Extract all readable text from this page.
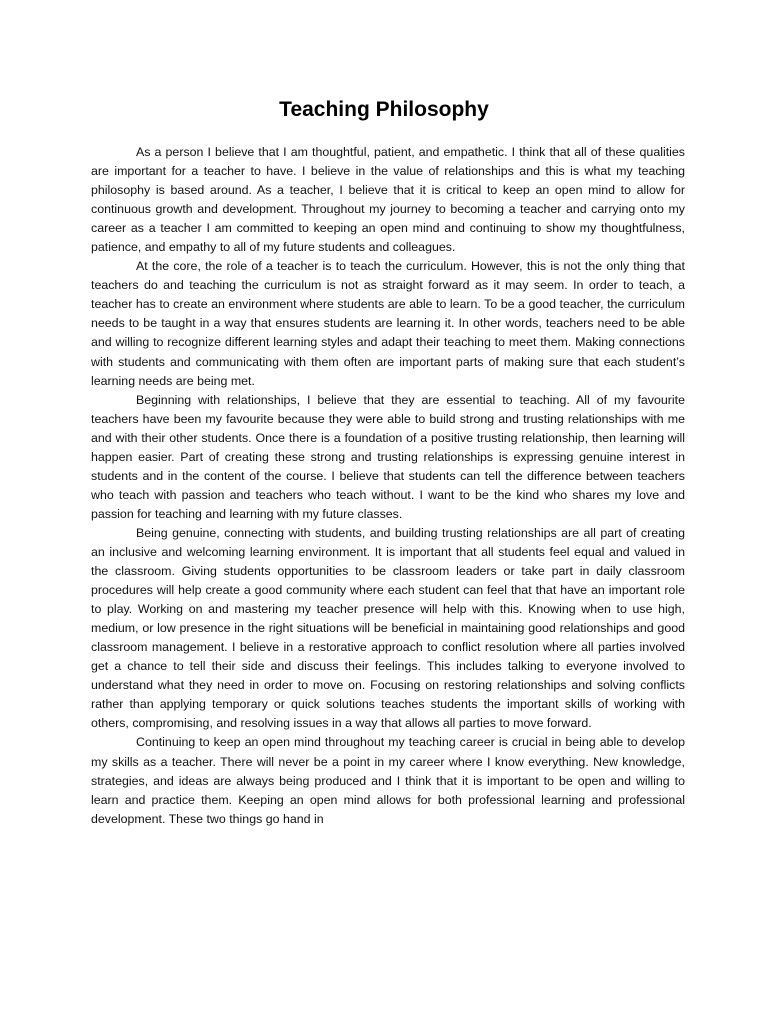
Teaching Philosophy

As a person I believe that I am thoughtful, patient, and empathetic. I think that all of these qualities are important for a teacher to have. I believe in the value of relationships and this is what my teaching philosophy is based around. As a teacher, I believe that it is critical to keep an open mind to allow for continuous growth and development. Throughout my journey to becoming a teacher and carrying onto my career as a teacher I am committed to keeping an open mind and continuing to show my thoughtfulness, patience, and empathy to all of my future students and colleagues.

At the core, the role of a teacher is to teach the curriculum. However, this is not the only thing that teachers do and teaching the curriculum is not as straight forward as it may seem. In order to teach, a teacher has to create an environment where students are able to learn. To be a good teacher, the curriculum needs to be taught in a way that ensures students are learning it. In other words, teachers need to be able and willing to recognize different learning styles and adapt their teaching to meet them. Making connections with students and communicating with them often are important parts of making sure that each student’s learning needs are being met.

Beginning with relationships, I believe that they are essential to teaching. All of my favourite teachers have been my favourite because they were able to build strong and trusting relationships with me and with their other students. Once there is a foundation of a positive trusting relationship, then learning will happen easier. Part of creating these strong and trusting relationships is expressing genuine interest in students and in the content of the course. I believe that students can tell the difference between teachers who teach with passion and teachers who teach without. I want to be the kind who shares my love and passion for teaching and learning with my future classes.

Being genuine, connecting with students, and building trusting relationships are all part of creating an inclusive and welcoming learning environment. It is important that all students feel equal and valued in the classroom. Giving students opportunities to be classroom leaders or take part in daily classroom procedures will help create a good community where each student can feel that that have an important role to play. Working on and mastering my teacher presence will help with this. Knowing when to use high, medium, or low presence in the right situations will be beneficial in maintaining good relationships and good classroom management. I believe in a restorative approach to conflict resolution where all parties involved get a chance to tell their side and discuss their feelings. This includes talking to everyone involved to understand what they need in order to move on. Focusing on restoring relationships and solving conflicts rather than applying temporary or quick solutions teaches students the important skills of working with others, compromising, and resolving issues in a way that allows all parties to move forward.

Continuing to keep an open mind throughout my teaching career is crucial in being able to develop my skills as a teacher. There will never be a point in my career where I know everything. New knowledge, strategies, and ideas are always being produced and I think that it is important to be open and willing to learn and practice them. Keeping an open mind allows for both professional learning and professional development. These two things go hand in
